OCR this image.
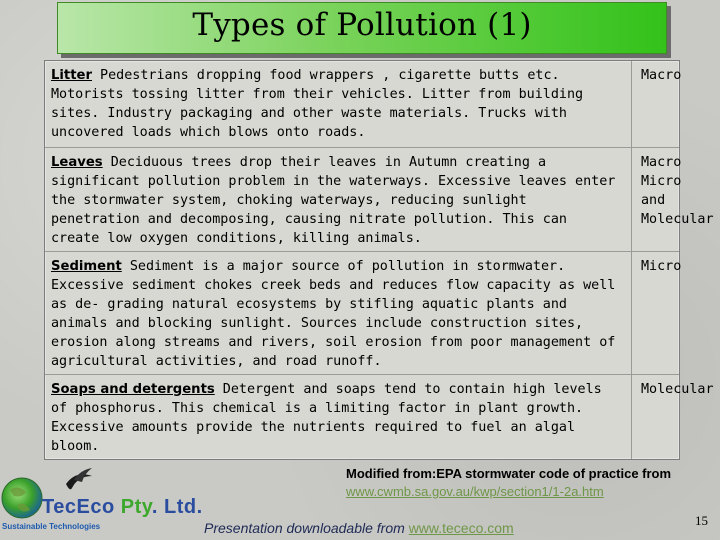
Types of Pollution (1)
Litter Pedestrians dropping food wrappers , cigarette butts etc. Motorists tossing litter from their vehicles. Litter from building sites. Industry packaging and other waste materials. Trucks with uncovered loads which blows onto roads.
Macro
Leaves Deciduous trees drop their leaves in Autumn creating a significant pollution problem in the waterways. Excessive leaves enter the stormwater system, choking waterways, reducing sunlight penetration and decomposing, causing nitrate pollution. This can create low oxygen conditions, killing animals.
Macro Micro and Molecular
Sediment Sediment is a major source of pollution in stormwater. Excessive sediment chokes creek beds and reduces flow capacity as well as de- grading natural ecosystems by stifling aquatic plants and animals and blocking sunlight. Sources include construction sites, erosion along streams and rivers, soil erosion from poor management of agricultural activities, and road runoff.
Micro
Soaps and detergents Detergent and soaps tend to contain high levels of phosphorus. This chemical is a limiting factor in plant growth. Excessive amounts provide the nutrients required to fuel an algal bloom.
Molecular
Modified from:EPA stormwater code of practice from
www.cwmb.sa.gov.au/kwp/section1/1-2a.htm
TecEco Pty. Ltd.
Sustainable Technologies	Presentation downloadable from www.tececo.com	15
